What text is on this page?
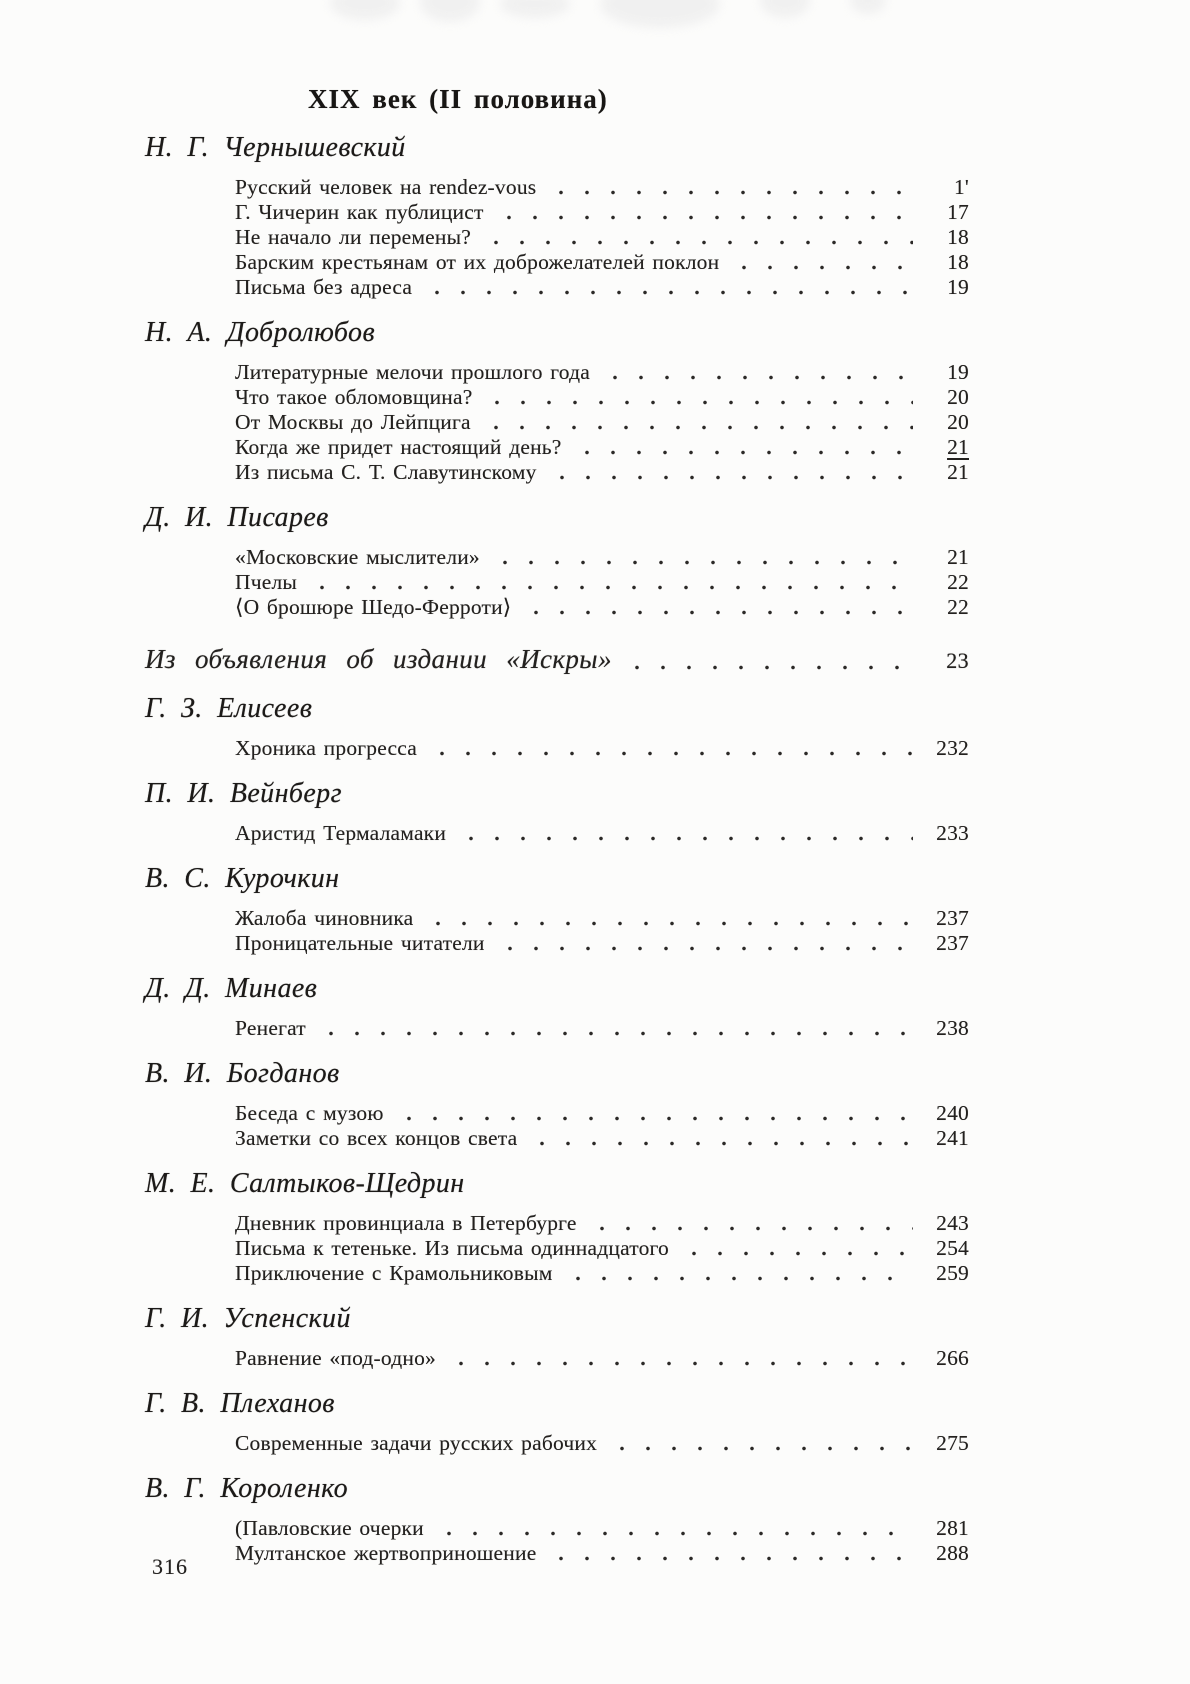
XIX век (II половина)
Н. Г. Чернышевский
Русский человек на rendez-vous	1'
Г. Чичерин как публицист	17
Не начало ли перемены?	18
Барским крестьянам от их доброжелателей поклон	18
Письма без адреса	19
Н. А. Добролюбов
Литературные мелочи прошлого года	19
Что такое обломовщина?	20
От Москвы до Лейпцига	20
Когда же придет настоящий день?	21
Из письма С. Т. Славутинскому	21
Д. И. Писарев
«Московские мыслители»	21
Пчелы	22
⟨О брошюре Шедо-Ферроти⟩	22
Из объявления об издании «Искры»	23
Г. З. Елисеев
Хроника прогресса	232
П. И. Вейнберг
Аристид Термаламаки	233
В. С. Курочкин
Жалоба чиновника	237
Проницательные читатели	237
Д. Д. Минаев
Ренегат	238
В. И. Богданов
Беседа с музою	240
Заметки со всех концов света	241
М. Е. Салтыков-Щедрин
Дневник провинциала в Петербурге	243
Письма к тетеньке. Из письма одиннадцатого	254
Приключение с Крамольниковым	259
Г. И. Успенский
Равнение «под-одно»	266
Г. В. Плеханов
Современные задачи русских рабочих	275
В. Г. Короленко
(Павловские очерки	281
Мултанское жертвоприношение	288
316
